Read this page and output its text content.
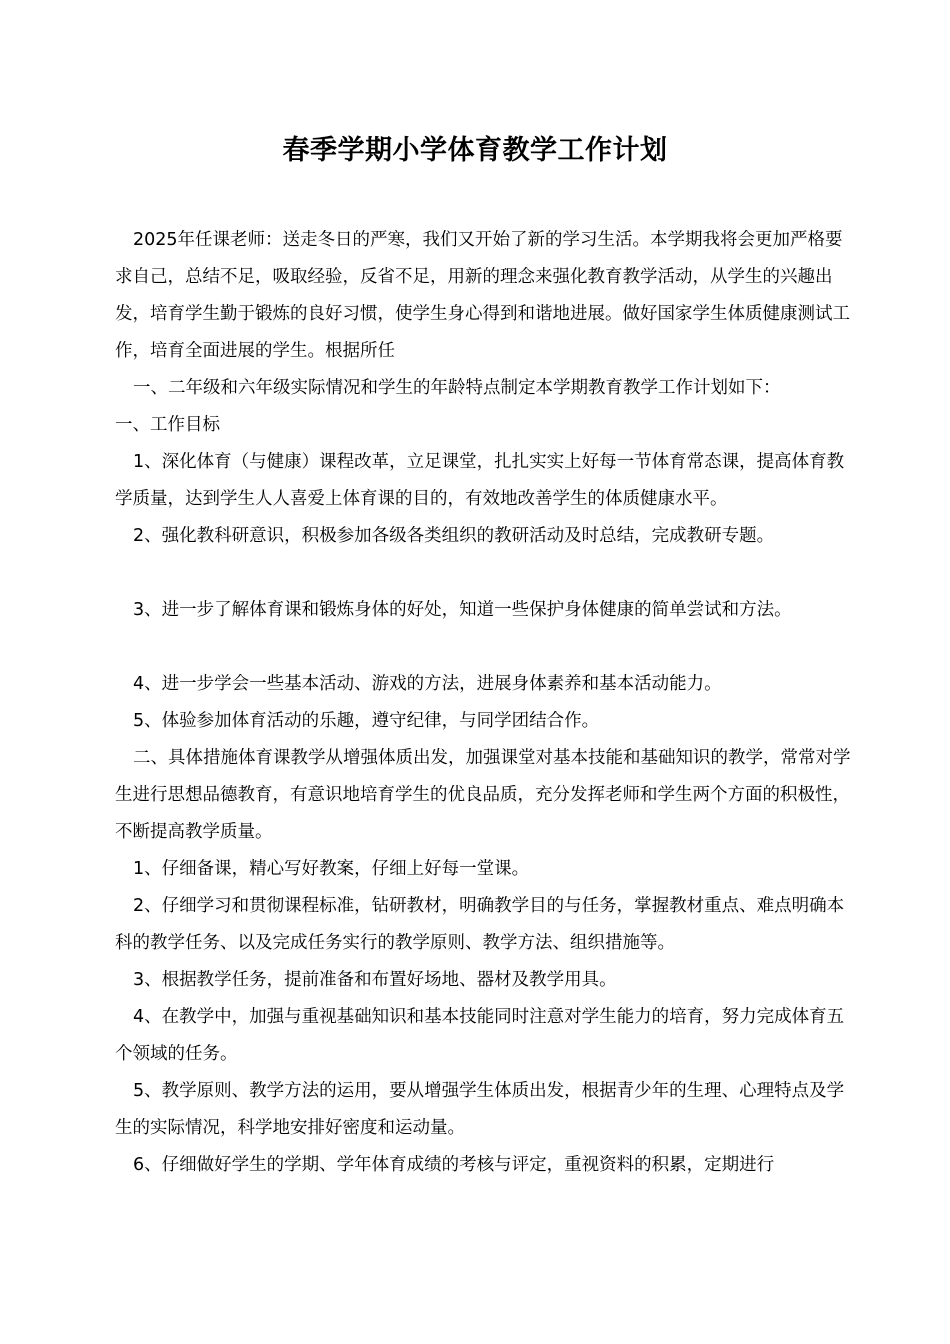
春季学期小学体育教学工作计划

2025年任课老师：送走冬日的严寒，我们又开始了新的学习生活。本学期我将会更加严格要求自己，总结不足，吸取经验，反省不足，用新的理念来强化教育教学活动，从学生的兴趣出发，培育学生勤于锻炼的良好习惯，使学生身心得到和谐地进展。做好国家学生体质健康测试工作，培育全面进展的学生。根据所任

一、二年级和六年级实际情况和学生的年龄特点制定本学期教育教学工作计划如下：

一、工作目标

1、深化体育（与健康）课程改革，立足课堂，扎扎实实上好每一节体育常态课，提高体育教学质量，达到学生人人喜爱上体育课的目的，有效地改善学生的体质健康水平。

2、强化教科研意识，积极参加各级各类组织的教研活动及时总结，完成教研专题。

3、进一步了解体育课和锻炼身体的好处，知道一些保护身体健康的简单尝试和方法。

4、进一步学会一些基本活动、游戏的方法，进展身体素养和基本活动能力。

5、体验参加体育活动的乐趣，遵守纪律，与同学团结合作。

二、具体措施体育课教学从增强体质出发，加强课堂对基本技能和基础知识的教学，常常对学生进行思想品德教育，有意识地培育学生的优良品质，充分发挥老师和学生两个方面的积极性，不断提高教学质量。

1、仔细备课，精心写好教案，仔细上好每一堂课。

2、仔细学习和贯彻课程标准，钻研教材，明确教学目的与任务，掌握教材重点、难点明确本科的教学任务、以及完成任务实行的教学原则、教学方法、组织措施等。

3、根据教学任务，提前准备和布置好场地、器材及教学用具。

4、在教学中，加强与重视基础知识和基本技能同时注意对学生能力的培育，努力完成体育五个领域的任务。

5、教学原则、教学方法的运用，要从增强学生体质出发，根据青少年的生理、心理特点及学生的实际情况，科学地安排好密度和运动量。

6、仔细做好学生的学期、学年体育成绩的考核与评定，重视资料的积累，定期进行
